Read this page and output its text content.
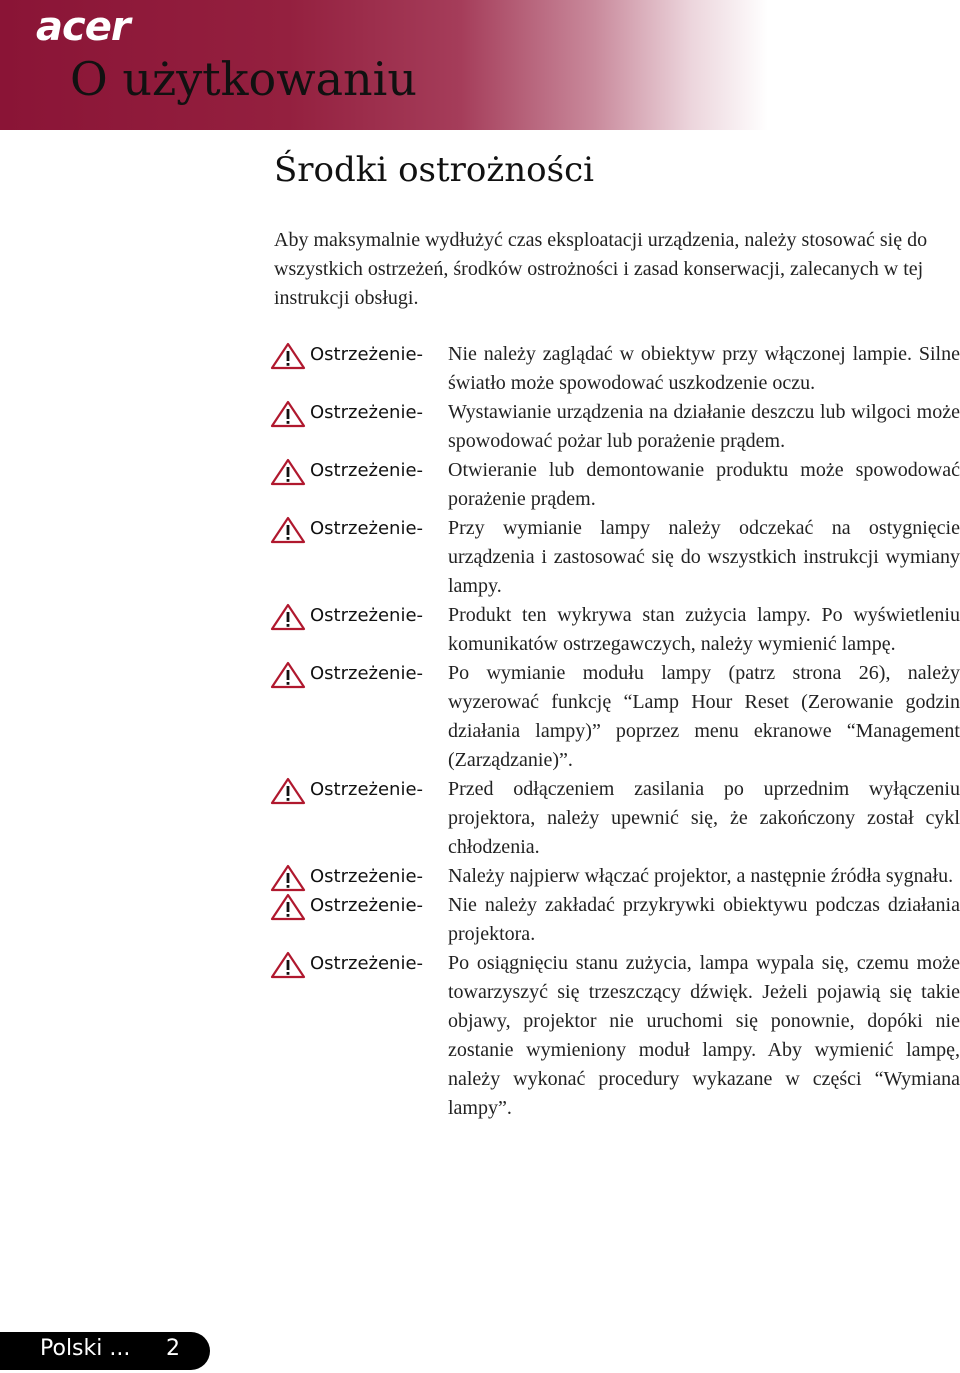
acer
O użytkowaniu
Środki ostrożności

Aby maksymalnie wydłużyć czas eksploatacji urządzenia, należy stosować się do wszystkich ostrzeżeń, środków ostrożności i zasad konserwacji, zalecanych w tej instrukcji obsługi.

Ostrzeżenie- Nie należy zaglądać w obiektyw przy włączonej lampie. Silne światło może spowodować uszkodzenie oczu.
Ostrzeżenie- Wystawianie urządzenia na działanie deszczu lub wilgoci może spowodować pożar lub porażenie prądem.
Ostrzeżenie- Otwieranie lub demontowanie produktu może spowodować porażenie prądem.
Ostrzeżenie- Przy wymianie lampy należy odczekać na ostygnięcie urządzenia i zastosować się do wszystkich instrukcji wymiany lampy.
Ostrzeżenie- Produkt ten wykrywa stan zużycia lampy. Po wyświetleniu komunikatów ostrzegawczych, należy wymienić lampę.
Ostrzeżenie- Po wymianie modułu lampy (patrz strona 26), należy wyzerować funkcję “Lamp Hour Reset (Zerowanie godzin działania lampy)” poprzez menu ekranowe “Management (Zarządzanie)”.
Ostrzeżenie- Przed odłączeniem zasilania po uprzednim wyłączeniu projektora, należy upewnić się, że zakończony został cykl chłodzenia.
Ostrzeżenie- Należy najpierw włączać projektor, a następnie źródła sygnału.
Ostrzeżenie- Nie należy zakładać przykrywki obiektywu podczas działania projektora.
Ostrzeżenie- Po osiągnięciu stanu zużycia, lampa wypala się, czemu może towarzyszyć się trzeszczący dźwięk. Jeżeli pojawią się takie objawy, projektor nie uruchomi się ponownie, dopóki nie zostanie wymieniony moduł lampy. Aby wymienić lampę, należy wykonać procedury wykazane w części “Wymiana lampy”.
Polski ... 2
